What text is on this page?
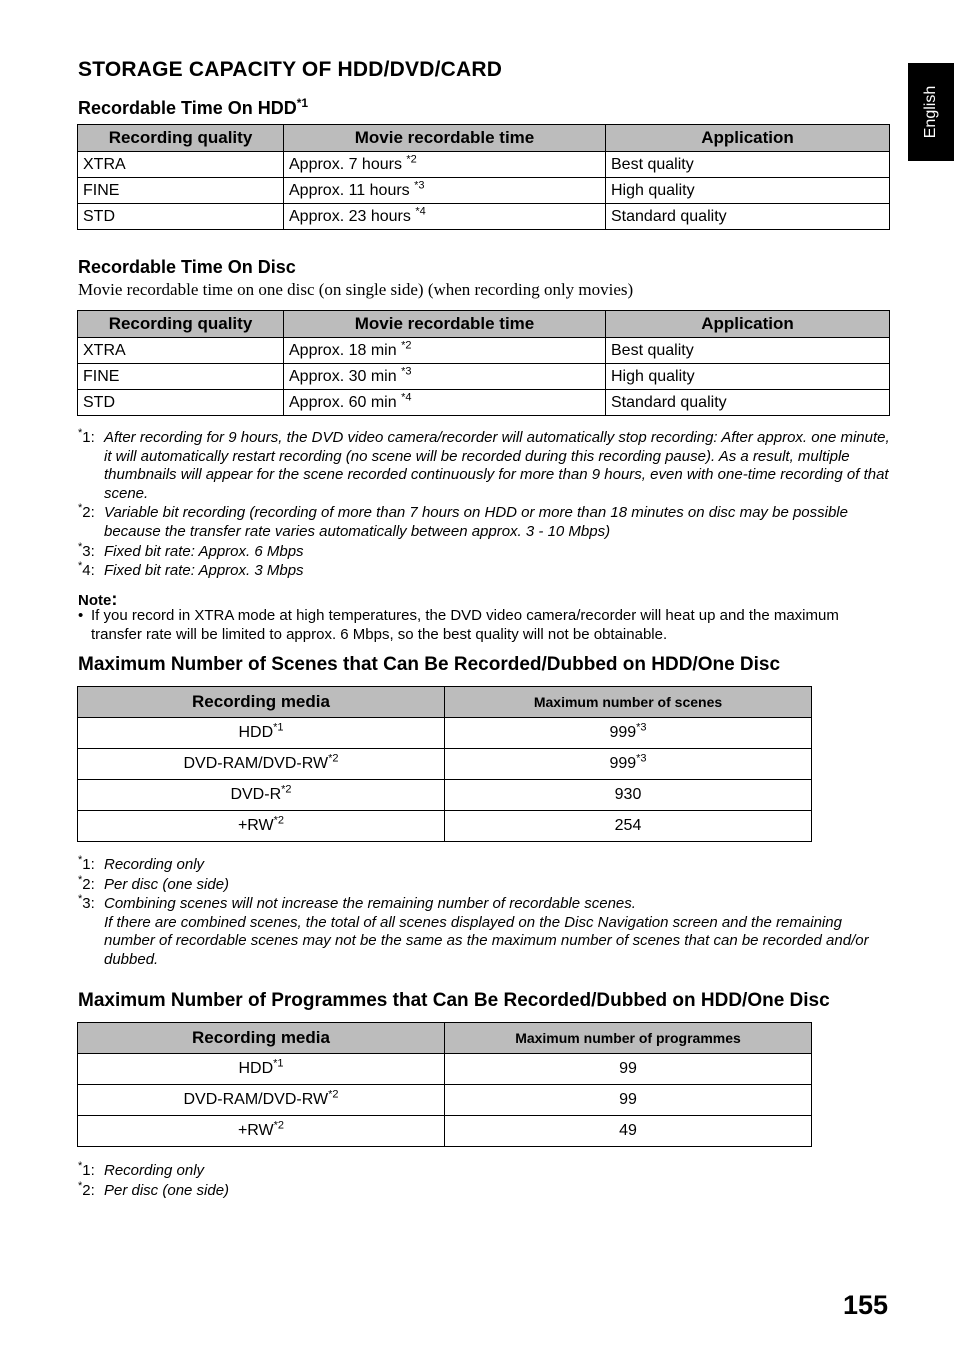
English
STORAGE CAPACITY OF HDD/DVD/CARD
Recordable Time On HDD$^{*1}$
Recording quality	Movie recordable time	Application
XTRA	Approx. 7 hours $^{*2}$	Best quality
FINE	Approx. 11 hours $^{*3}$	High quality
STD	Approx. 23 hours $^{*4}$	Standard quality
Recordable Time On Disc
Movie recordable time on one disc (on single side) (when recording only movies)
Recording quality	Movie recordable time	Application
XTRA	Approx. 18 min $^{*2}$	Best quality
FINE	Approx. 30 min $^{*3}$	High quality
STD	Approx. 60 min $^{*4}$	Standard quality
*1: After recording for 9 hours, the DVD video camera/recorder will automatically stop recording: After approx. one minute, it will automatically restart recording (no scene will be recorded during this recording pause). As a result, multiple thumbnails will appear for the scene recorded continuously for more than 9 hours, even with one-time recording of that scene.
*2: Variable bit recording (recording of more than 7 hours on HDD or more than 18 minutes on disc may be possible because the transfer rate varies automatically between approx. 3 - 10 Mbps)
*3: Fixed bit rate: Approx. 6 Mbps
*4: Fixed bit rate: Approx. 3 Mbps
Note:
• If you record in XTRA mode at high temperatures, the DVD video camera/recorder will heat up and the maximum transfer rate will be limited to approx. 6 Mbps, so the best quality will not be obtainable.
Maximum Number of Scenes that Can Be Recorded/Dubbed on HDD/One Disc
Recording media	Maximum number of scenes
HDD$^{*1}$	999$^{*3}$
DVD-RAM/DVD-RW$^{*2}$	999$^{*3}$
DVD-$R^{*2}$	930
$+RW^{*2}$	254
*1: Recording only
*2: Per disc (one side)
*3: Combining scenes will not increase the remaining number of recordable scenes.
If there are combined scenes, the total of all scenes displayed on the Disc Navigation screen and the remaining number of recordable scenes may not be the same as the maximum number of scenes that can be recorded and/or dubbed.
Maximum Number of Programmes that Can Be Recorded/Dubbed on HDD/One Disc
Recording media	Maximum number of programmes
HDD$^{*1}$	99
DVD-RAM/DVD-RW$^{*2}$	99
$+RW^{*2}$	49
*1: Recording only
*2: Per disc (one side)
155
